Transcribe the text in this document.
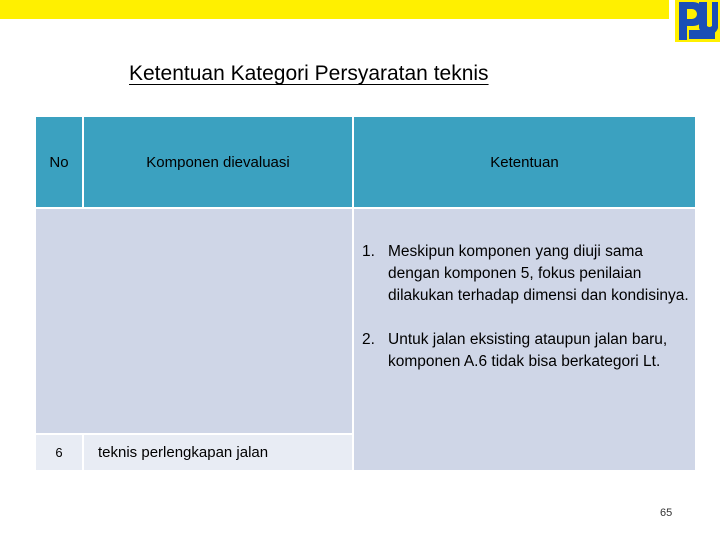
Ketentuan Kategori Persyaratan teknis
No	Komponen dievaluasi	Ketentuan
6 teknis perlengkapan jalan
1. Meskipun komponen yang diuji sama dengan komponen 5, fokus penilaian dilakukan terhadap dimensi dan kondisinya.
2. Untuk jalan eksisting ataupun jalan baru, komponen A.6 tidak bisa berkategori Lt.
65
